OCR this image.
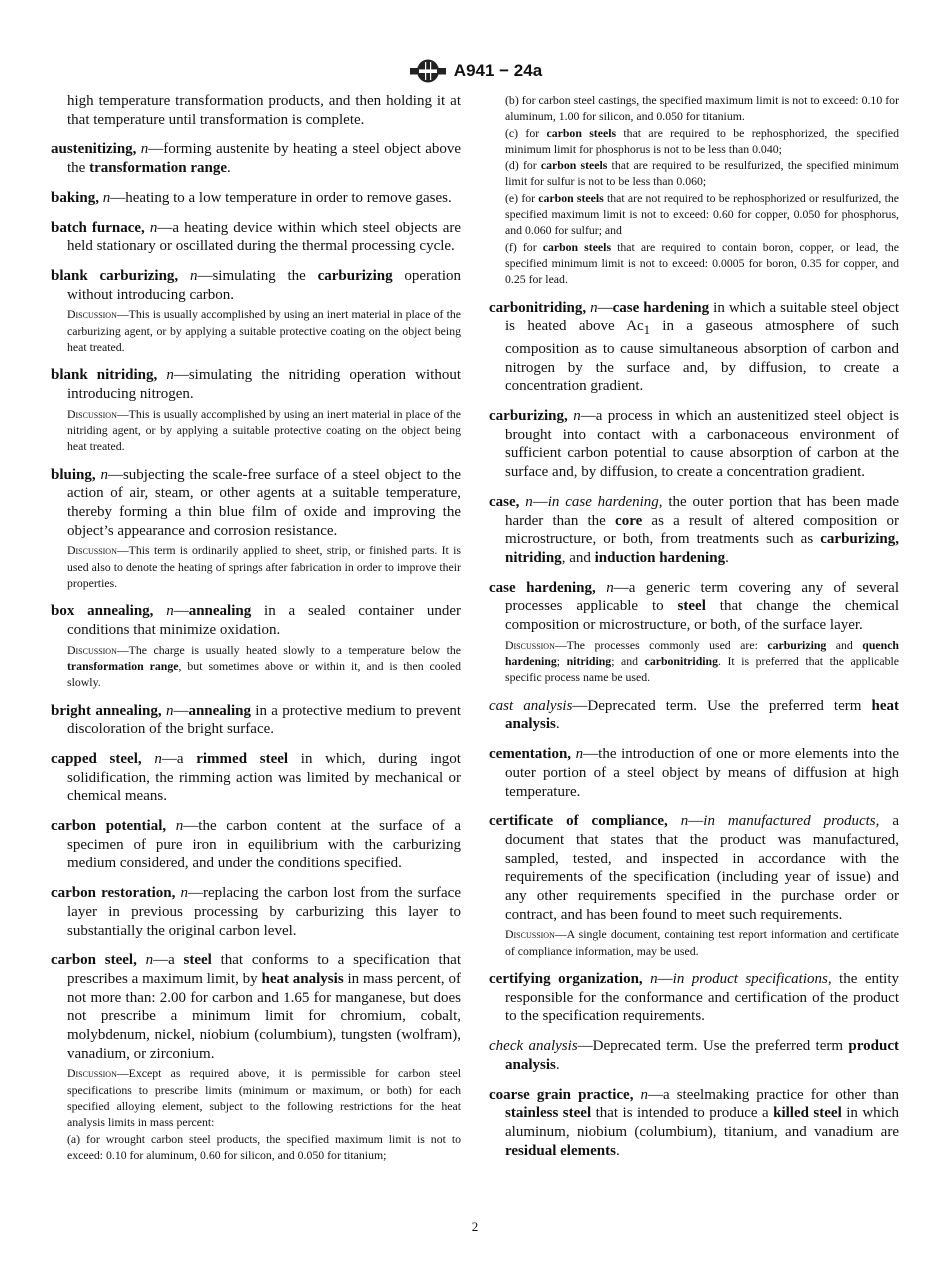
A941 − 24a

high temperature transformation products, and then holding it at that temperature until transformation is complete.

austenitizing, n—forming austenite by heating a steel object above the transformation range.

baking, n—heating to a low temperature in order to remove gases.

batch furnace, n—a heating device within which steel objects are held stationary or oscillated during the thermal processing cycle.

blank carburizing, n—simulating the carburizing operation without introducing carbon.

Discussion—This is usually accomplished by using an inert material in place of the carburizing agent, or by applying a suitable protective coating on the object being heat treated.

blank nitriding, n—simulating the nitriding operation without introducing nitrogen.

Discussion—This is usually accomplished by using an inert material in place of the nitriding agent, or by applying a suitable protective coating on the object being heat treated.

bluing, n—subjecting the scale-free surface of a steel object to the action of air, steam, or other agents at a suitable temperature, thereby forming a thin blue film of oxide and improving the object’s appearance and corrosion resistance.

Discussion—This term is ordinarily applied to sheet, strip, or finished parts. It is used also to denote the heating of springs after fabrication in order to improve their properties.

box annealing, n—annealing in a sealed container under conditions that minimize oxidation.

Discussion—The charge is usually heated slowly to a temperature below the transformation range, but sometimes above or within it, and is then cooled slowly.

bright annealing, n—annealing in a protective medium to prevent discoloration of the bright surface.

capped steel, n—a rimmed steel in which, during ingot solidification, the rimming action was limited by mechanical or chemical means.

carbon potential, n—the carbon content at the surface of a specimen of pure iron in equilibrium with the carburizing medium considered, and under the conditions specified.

carbon restoration, n—replacing the carbon lost from the surface layer in previous processing by carburizing this layer to substantially the original carbon level.

carbon steel, n—a steel that conforms to a specification that prescribes a maximum limit, by heat analysis in mass percent, of not more than: 2.00 for carbon and 1.65 for manganese, but does not prescribe a minimum limit for chromium, cobalt, molybdenum, nickel, niobium (columbium), tungsten (wolfram), vanadium, or zirconium.

Discussion—Except as required above, it is permissible for carbon steel specifications to prescribe limits (minimum or maximum, or both) for each specified alloying element, subject to the following restrictions for the heat analysis limits in mass percent:

(a) for wrought carbon steel products, the specified maximum limit is not to exceed: 0.10 for aluminum, 0.60 for silicon, and 0.050 for titanium;

(b) for carbon steel castings, the specified maximum limit is not to exceed: 0.10 for aluminum, 1.00 for silicon, and 0.050 for titanium.

(c) for carbon steels that are required to be rephosphorized, the specified minimum limit for phosphorus is not to be less than 0.040;

(d) for carbon steels that are required to be resulfurized, the specified minimum limit for sulfur is not to be less than 0.060;

(e) for carbon steels that are not required to be rephosphorized or resulfurized, the specified maximum limit is not to exceed: 0.60 for copper, 0.050 for phosphorus, and 0.060 for sulfur; and

(f) for carbon steels that are required to contain boron, copper, or lead, the specified minimum limit is not to exceed: 0.0005 for boron, 0.35 for copper, and 0.25 for lead.

carbonitriding, n—case hardening in which a suitable steel object is heated above $Ac_1$ in a gaseous atmosphere of such composition as to cause simultaneous absorption of carbon and nitrogen by the surface and, by diffusion, to create a concentration gradient.

carburizing, n—a process in which an austenitized steel object is brought into contact with a carbonaceous environment of sufficient carbon potential to cause absorption of carbon at the surface and, by diffusion, to create a concentration gradient.

case, n—in case hardening, the outer portion that has been made harder than the core as a result of altered composition or microstructure, or both, from treatments such as carburizing, nitriding, and induction hardening.

case hardening, n—a generic term covering any of several processes applicable to steel that change the chemical composition or microstructure, or both, of the surface layer.

Discussion—The processes commonly used are: carburizing and quench hardening; nitriding; and carbonitriding. It is preferred that the applicable specific process name be used.

cast analysis—Deprecated term. Use the preferred term heat analysis.

cementation, n—the introduction of one or more elements into the outer portion of a steel object by means of diffusion at high temperature.

certificate of compliance, n—in manufactured products, a document that states that the product was manufactured, sampled, tested, and inspected in accordance with the requirements of the specification (including year of issue) and any other requirements specified in the purchase order or contract, and has been found to meet such requirements.

Discussion—A single document, containing test report information and certificate of compliance information, may be used.

certifying organization, n—in product specifications, the entity responsible for the conformance and certification of the product to the specification requirements.

check analysis—Deprecated term. Use the preferred term product analysis.

coarse grain practice, n—a steelmaking practice for other than stainless steel that is intended to produce a killed steel in which aluminum, niobium (columbium), titanium, and vanadium are residual elements.

2
